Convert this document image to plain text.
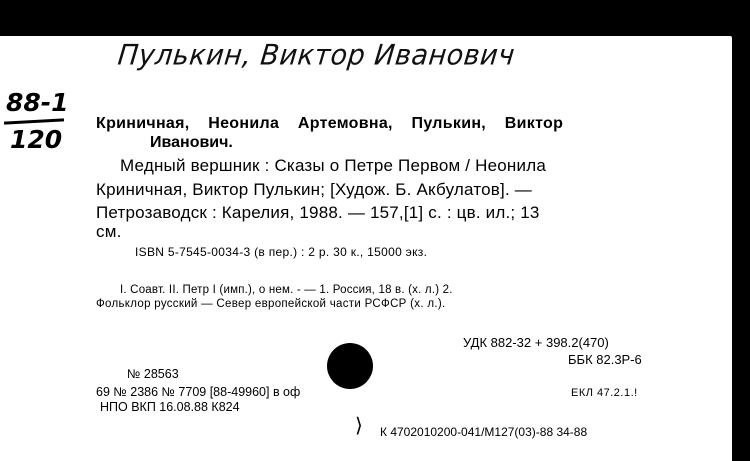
Пулькин, Виктор Иванович
88-1
120
Криничная, Неонила Артемовна, Пулькин, Виктор
Иванович.
Медный вершник : Сказы о Петре Первом / Неонила
Криничная, Виктор Пулькин; [Худож. Б. Акбулатов]. —
Петрозаводск : Карелия, 1988. — 157,[1] с. : цв. ил.; 13
см.
ISBN 5-7545-0034-3 (в пер.) : 2 р. 30 к., 15000 экз.
I. Соавт. II. Петр I (имп.), о нем. - — 1. Россия, 18 в. (х. л.) 2.
Фольклор русский — Север европейской части РСФСР (х. л.).
УДК 882-32 + 398.2(470)
ББК 82.3Р-6
ЕКЛ 47.2.1.!
№ 28563
69 № 2386 № 7709 [88-49960] в оф
НПО ВКП 16.08.88 К824
⟩ К 4702010200-041/М127(03)-88 34-88
